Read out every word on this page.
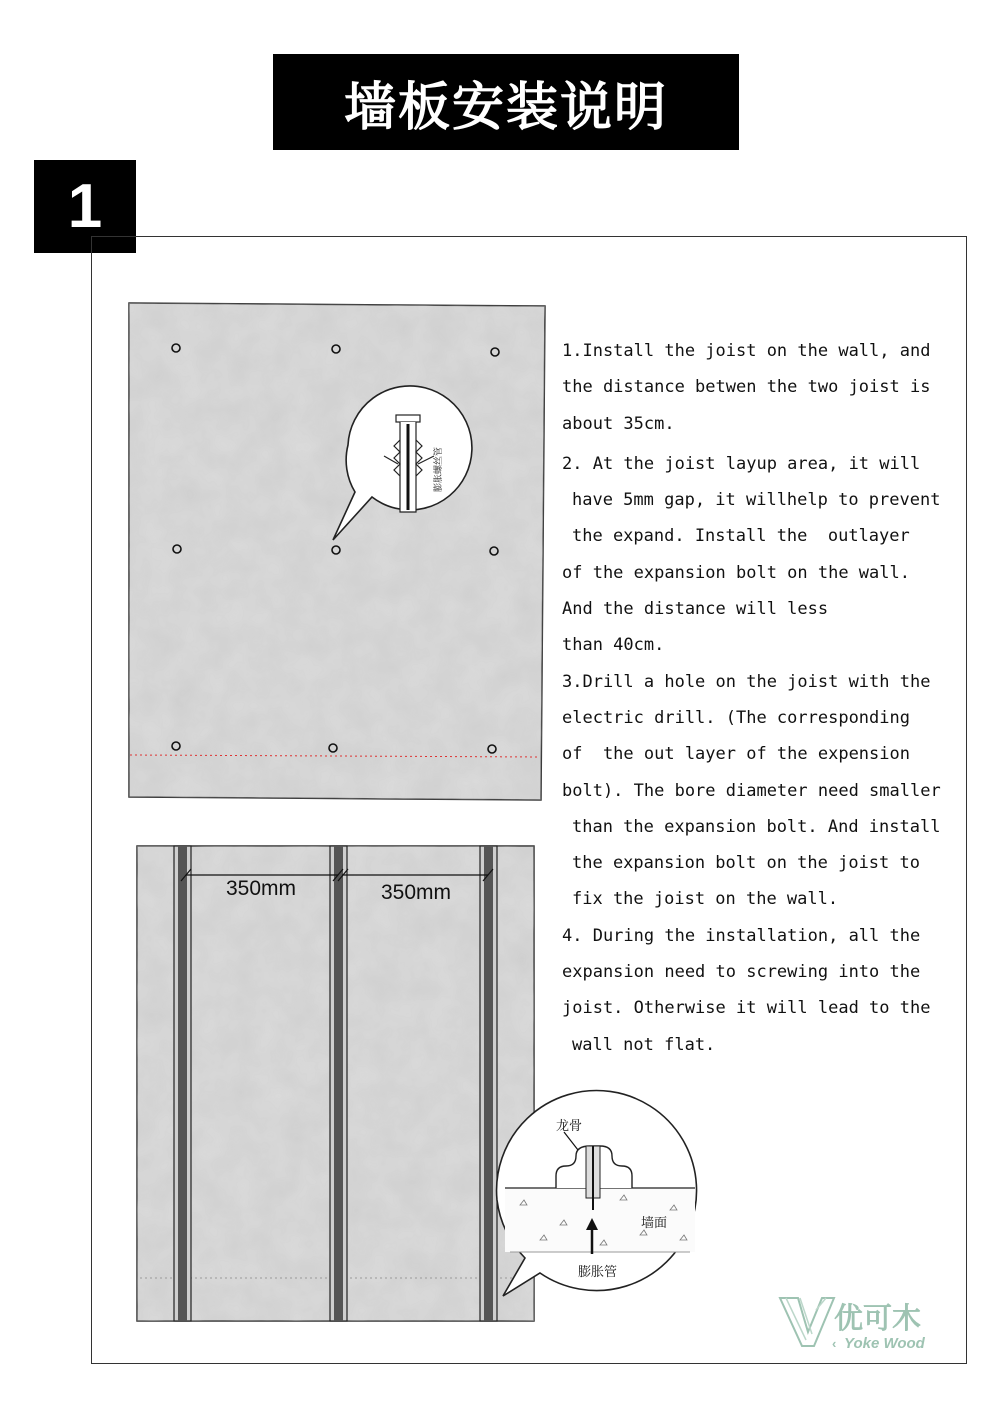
墙板安装说明
1
膨胀螺丝管
350mm	350mm
龙骨
墙面
膨胀管
1.Install the joist on the wall, and
the distance betwen the two joist is
about 35cm.
2. At the joist layup area, it will
have 5mm gap, it willhelp to prevent
the expand. Install the  outlayer
of the expansion bolt on the wall.
And the distance will less
than 40cm.
3.Drill a hole on the joist with the
electric drill. (The corresponding
of  the out layer of the expension
bolt). The bore diameter need smaller
than the expansion bolt. And install
the expansion bolt on the joist to
fix the joist on the wall.
4. During the installation, all the
expansion need to screwing into the
joist. Otherwise it will lead to the
wall not flat.
优可木
‹ Yoke Wood
